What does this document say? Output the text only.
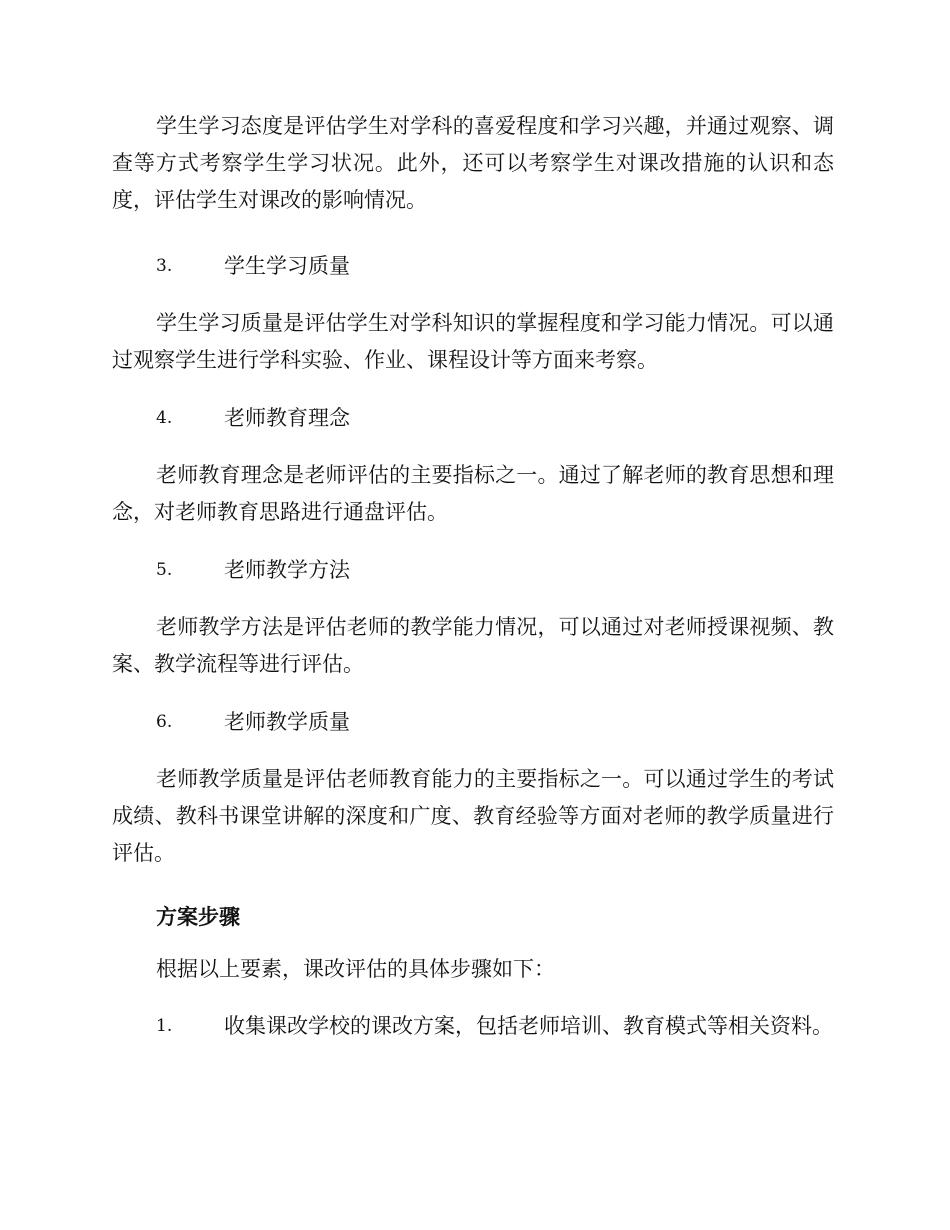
学生学习态度是评估学生对学科的喜爱程度和学习兴趣，并通过观察、调查等方式考察学生学习状况。此外，还可以考察学生对课改措施的认识和态度，评估学生对课改的影响情况。

3.	学生学习质量

学生学习质量是评估学生对学科知识的掌握程度和学习能力情况。可以通过观察学生进行学科实验、作业、课程设计等方面来考察。

4.	老师教育理念

老师教育理念是老师评估的主要指标之一。通过了解老师的教育思想和理念，对老师教育思路进行通盘评估。

5.	老师教学方法

老师教学方法是评估老师的教学能力情况，可以通过对老师授课视频、教案、教学流程等进行评估。

6.	老师教学质量

老师教学质量是评估老师教育能力的主要指标之一。可以通过学生的考试成绩、教科书课堂讲解的深度和广度、教育经验等方面对老师的教学质量进行评估。

方案步骤

根据以上要素，课改评估的具体步骤如下：

1.	收集课改学校的课改方案，包括老师培训、教育模式等相关资料。
